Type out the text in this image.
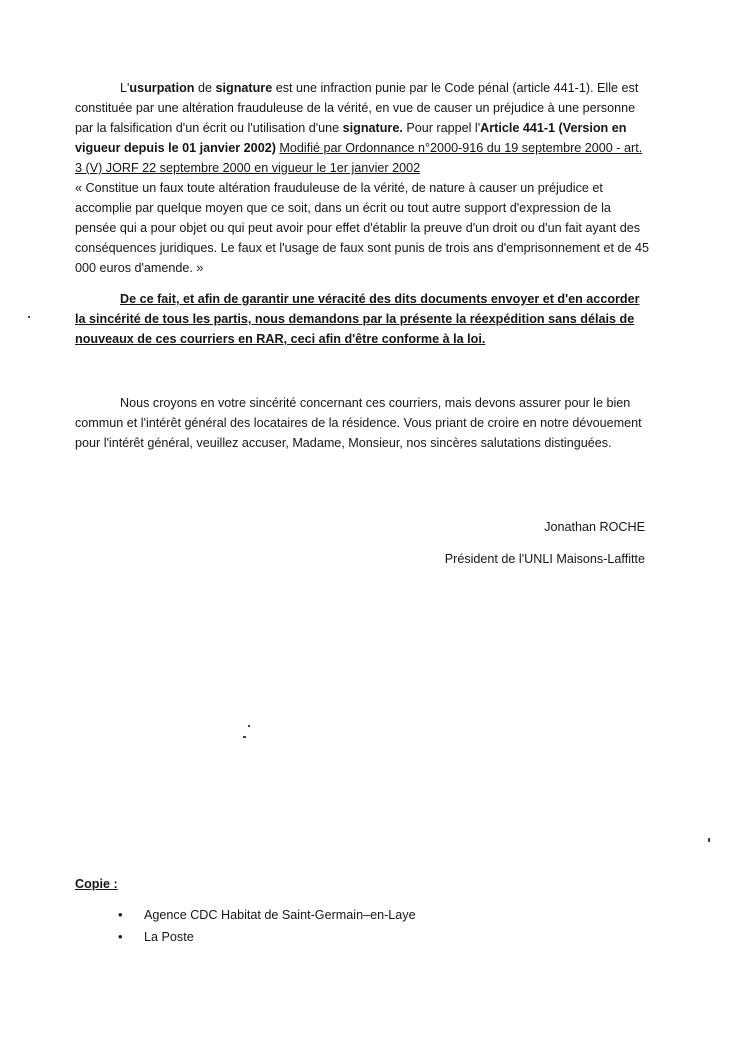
L'usurpation de signature est une infraction punie par le Code pénal (article 441-1). Elle est constituée par une altération frauduleuse de la vérité, en vue de causer un préjudice à une personne par la falsification d'un écrit ou l'utilisation d'une signature. Pour rappel l'Article 441-1 (Version en vigueur depuis le 01 janvier 2002) Modifié par Ordonnance n°2000-916 du 19 septembre 2000 - art. 3 (V) JORF 22 septembre 2000 en vigueur le 1er janvier 2002
« Constitue un faux toute altération frauduleuse de la vérité, de nature à causer un préjudice et accomplie par quelque moyen que ce soit, dans un écrit ou tout autre support d'expression de la pensée qui a pour objet ou qui peut avoir pour effet d'établir la preuve d'un droit ou d'un fait ayant des conséquences juridiques. Le faux et l'usage de faux sont punis de trois ans d'emprisonnement et de 45 000 euros d'amende. »

De ce fait, et afin de garantir une véracité des dits documents envoyer et d'en accorder la sincérité de tous les partis, nous demandons par la présente la réexpédition sans délais de nouveaux de ces courriers en RAR, ceci afin d'être conforme à la loi.

Nous croyons en votre sincérité concernant ces courriers, mais devons assurer pour le bien commun et l'intérêt général des locataires de la résidence. Vous priant de croire en notre dévouement pour l'intérêt général, veuillez accuser, Madame, Monsieur, nos sincères salutations distinguées.

Jonathan ROCHE

Président de l'UNLI Maisons-Laffitte

Copie :

• Agence CDC Habitat de Saint-Germain–en-Laye
• La Poste
